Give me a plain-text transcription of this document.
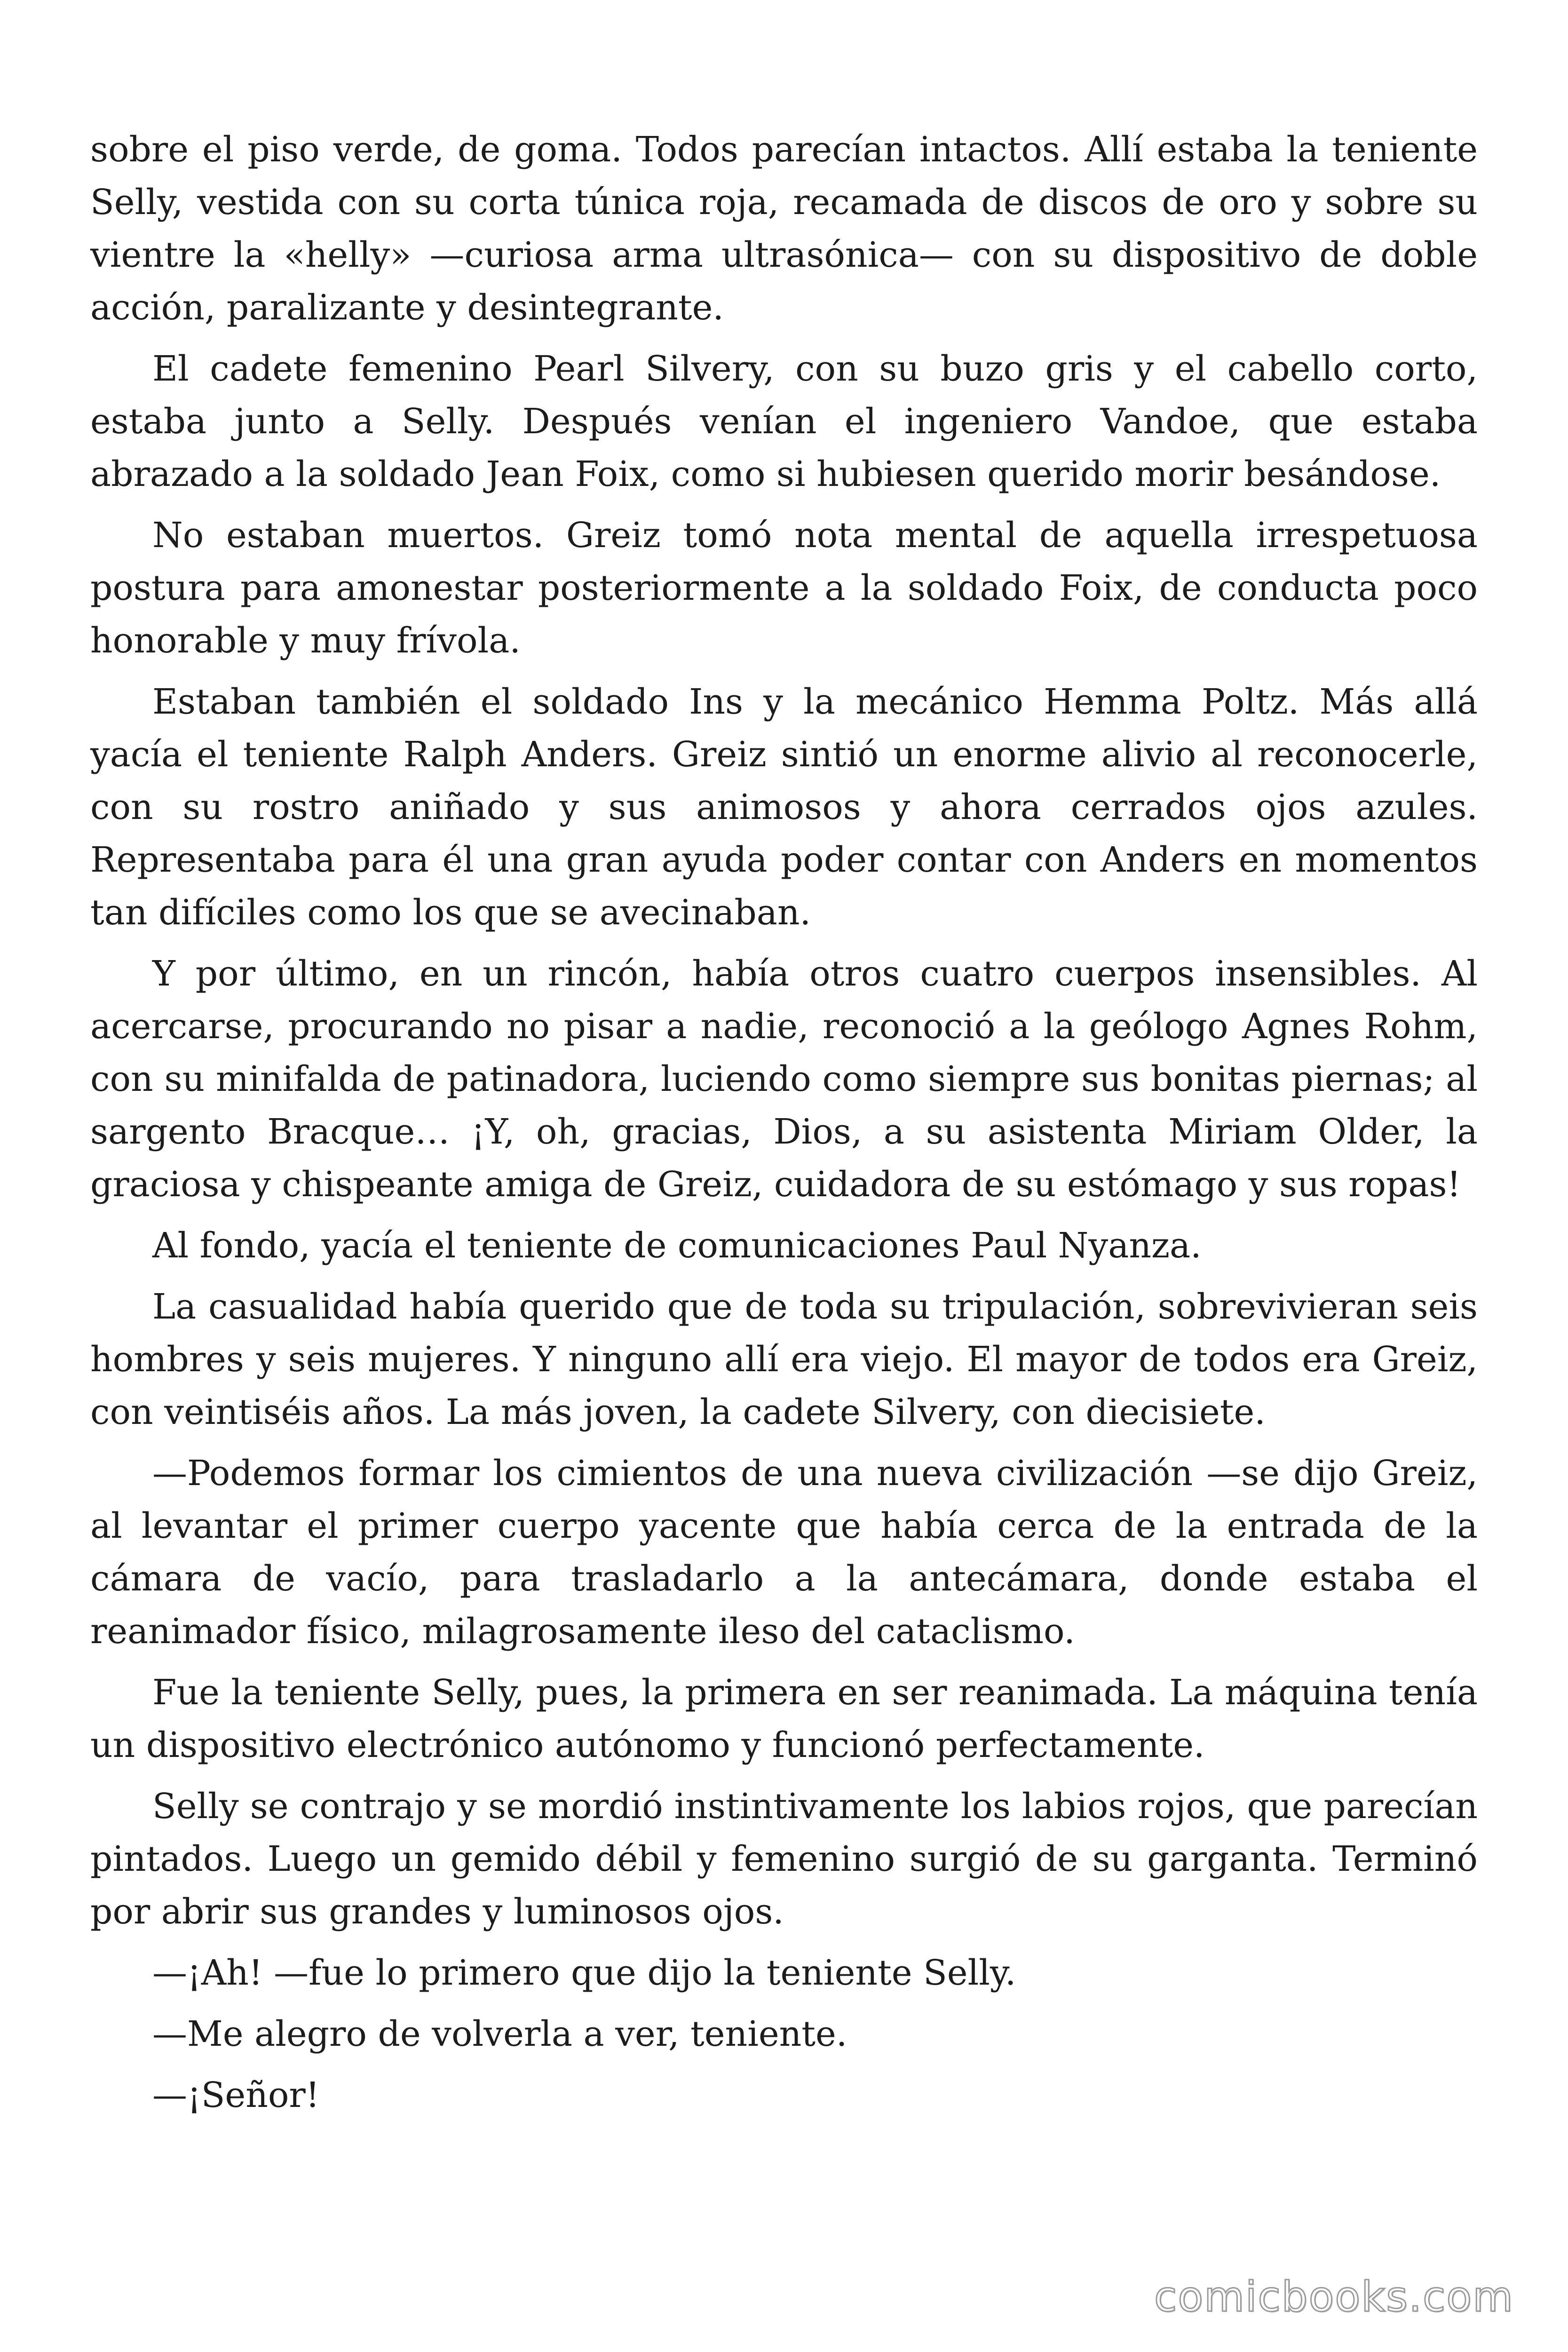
sobre el piso verde, de goma. Todos parecían intactos. Allí estaba la teniente Selly, vestida con su corta túnica roja, recamada de discos de oro y sobre su vientre la «helly» —curiosa arma ultrasónica— con su dispositivo de doble acción, paralizante y desintegrante.

El cadete femenino Pearl Silvery, con su buzo gris y el cabello corto, estaba junto a Selly. Después venían el ingeniero Vandoe, que estaba abrazado a la soldado Jean Foix, como si hubiesen querido morir besándose.

No estaban muertos. Greiz tomó nota mental de aquella irrespetuosa postura para amonestar posteriormente a la soldado Foix, de conducta poco honorable y muy frívola.

Estaban también el soldado Ins y la mecánico Hemma Poltz. Más allá yacía el teniente Ralph Anders. Greiz sintió un enorme alivio al reconocerle, con su rostro aniñado y sus animosos y ahora cerrados ojos azules. Representaba para él una gran ayuda poder contar con Anders en momentos tan difíciles como los que se avecinaban.

Y por último, en un rincón, había otros cuatro cuerpos insensibles. Al acercarse, procurando no pisar a nadie, reconoció a la geólogo Agnes Rohm, con su minifalda de patinadora, luciendo como siempre sus bonitas piernas; al sargento Bracque… ¡Y, oh, gracias, Dios, a su asistenta Miriam Older, la graciosa y chispeante amiga de Greiz, cuidadora de su estómago y sus ropas!

Al fondo, yacía el teniente de comunicaciones Paul Nyanza.

La casualidad había querido que de toda su tripulación, sobrevivieran seis hombres y seis mujeres. Y ninguno allí era viejo. El mayor de todos era Greiz, con veintiséis años. La más joven, la cadete Silvery, con diecisiete.

—Podemos formar los cimientos de una nueva civilización —se dijo Greiz, al levantar el primer cuerpo yacente que había cerca de la entrada de la cámara de vacío, para trasladarlo a la antecámara, donde estaba el reanimador físico, milagrosamente ileso del cataclismo.

Fue la teniente Selly, pues, la primera en ser reanimada. La máquina tenía un dispositivo electrónico autónomo y funcionó perfectamente.

Selly se contrajo y se mordió instintivamente los labios rojos, que parecían pintados. Luego un gemido débil y femenino surgió de su garganta. Terminó por abrir sus grandes y luminosos ojos.

—¡Ah! —fue lo primero que dijo la teniente Selly.

—Me alegro de volverla a ver, teniente.

—¡Señor!

comicbooks.com
